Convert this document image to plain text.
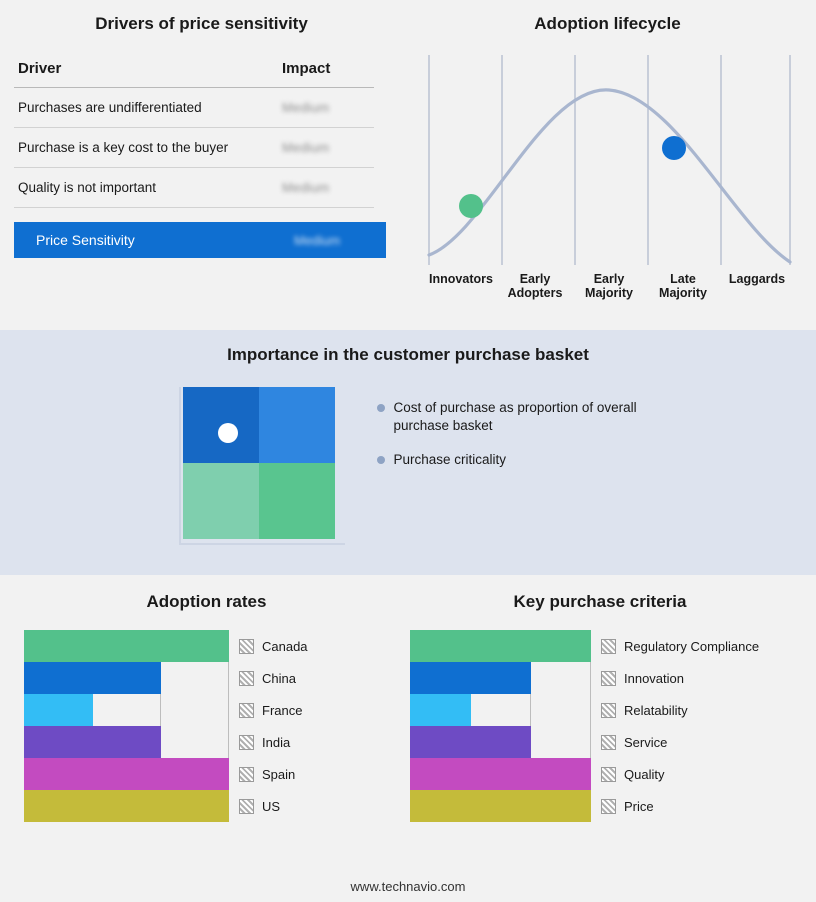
Drivers of price sensitivity
Driver	Impact
Purchases are undifferentiated	Medium
Purchase is a key cost to the buyer	Medium
Quality is not important	Medium
Price Sensitivity	Medium
Adoption lifecycle
Innovators	Early Adopters
Early Majority
Late Majority
Laggards
Importance in the customer purchase basket
Cost of purchase as proportion of overall purchase basket
Purchase criticality
Adoption rates
Canada
China
France
India
Spain
US
Key purchase criteria
Regulatory Compliance
Innovation
Relatability
Service
Quality
Price
www.technavio.com
